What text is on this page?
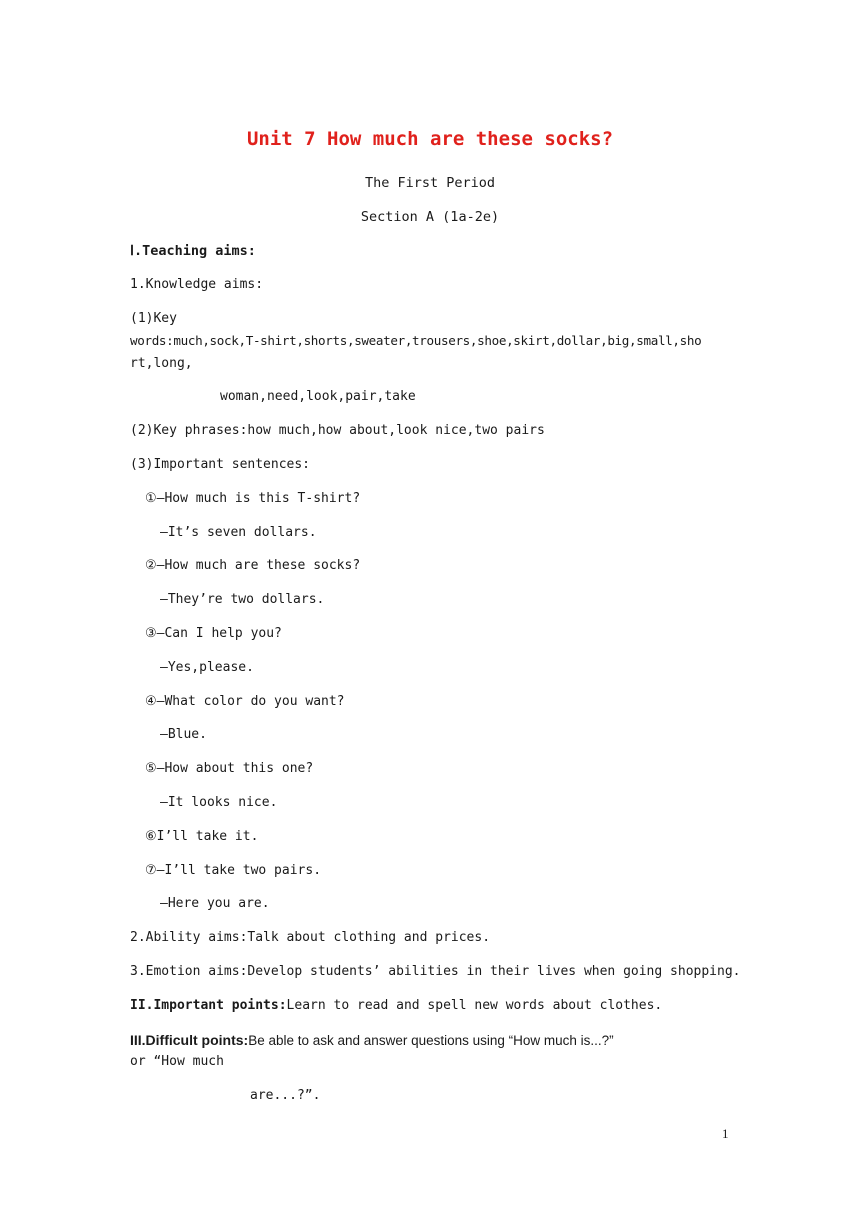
Unit 7 How much are these socks?
The First Period
Section A (1a-2e)
Ⅰ.Teaching aims:
1.Knowledge aims:
(1)Key
words:much,sock,T-shirt,shorts,sweater,trousers,shoe,skirt,dollar,big,small,sho
rt,long,
woman,need,look,pair,take
(2)Key phrases:how much,how about,look nice,two pairs
(3)Important sentences:
①—How much is this T-shirt?
—It’s seven dollars.
②—How much are these socks?
—They’re two dollars.
③—Can I help you?
—Yes,please.
④—What color do you want?
—Blue.
⑤—How about this one?
—It looks nice.
⑥I’ll take it.
⑦—I’ll take two pairs.
—Here you are.
2.Ability aims:Talk about clothing and prices.
3.Emotion aims:Develop students’ abilities in their lives when going shopping.
II.Important points:Learn to read and spell new words about clothes.
III.Difficult points:Be able to ask and answer questions using “How much is...?”
or “How much
are...?”.
1
